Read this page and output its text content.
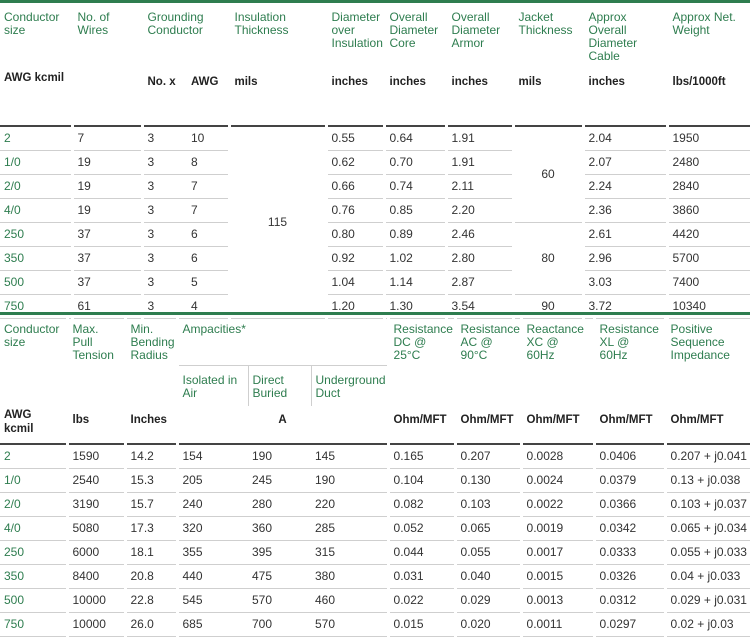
Conductor size	No. of Wires	Grounding Conductor		Insulation Thickness	Diameter over Insulation	Overall Diameter Core	Overall Diameter Armor	Jacket Thickness	Approx Overall Diameter Cable	Approx Net. Weight
AWG kcmil		No. x	AWG	mils	inches	inches	inches	mils	inches	lbs/1000ft
2	7	3	10	115	0.55	0.64	1.91	60	2.04	1950
1/0	19	3	8		0.62	0.70	1.91		2.07	2480
2/0	19	3	7		0.66	0.74	2.11		2.24	2840
4/0	19	3	7		0.76	0.85	2.20		2.36	3860
250	37	3	6		0.80	0.89	2.46	80	2.61	4420
350	37	3	6		0.92	1.02	2.80		2.96	5700
500	37	3	5		1.04	1.14	2.87		3.03	7400
750	61	3	4		1.20	1.30	3.54	90	3.72	10340
Conductor size	Max. Pull Tension	Min. Bending Radius	Ampacities*			Resistance DC @ 25°C	Resistance AC @ 90°C	Reactance XC @ 60Hz	Resistance XL @ 60Hz	Positive Sequence Impedance
			Isolated in Air	Direct Buried	Underground Duct					
AWG kcmil	lbs	Inches	A			Ohm/MFT	Ohm/MFT	Ohm/MFT	Ohm/MFT	Ohm/MFT
2	1590	14.2	154	190	145	0.165	0.207	0.0028	0.0406	0.207 + j0.041
1/0	2540	15.3	205	245	190	0.104	0.130	0.0024	0.0379	0.13 + j0.038
2/0	3190	15.7	240	280	220	0.082	0.103	0.0022	0.0366	0.103 + j0.037
4/0	5080	17.3	320	360	285	0.052	0.065	0.0019	0.0342	0.065 + j0.034
250	6000	18.1	355	395	315	0.044	0.055	0.0017	0.0333	0.055 + j0.033
350	8400	20.8	440	475	380	0.031	0.040	0.0015	0.0326	0.04 + j0.033
500	10000	22.8	545	570	460	0.022	0.029	0.0013	0.0312	0.029 + j0.031
750	10000	26.0	685	700	570	0.015	0.020	0.0011	0.0297	0.02 + j0.03
